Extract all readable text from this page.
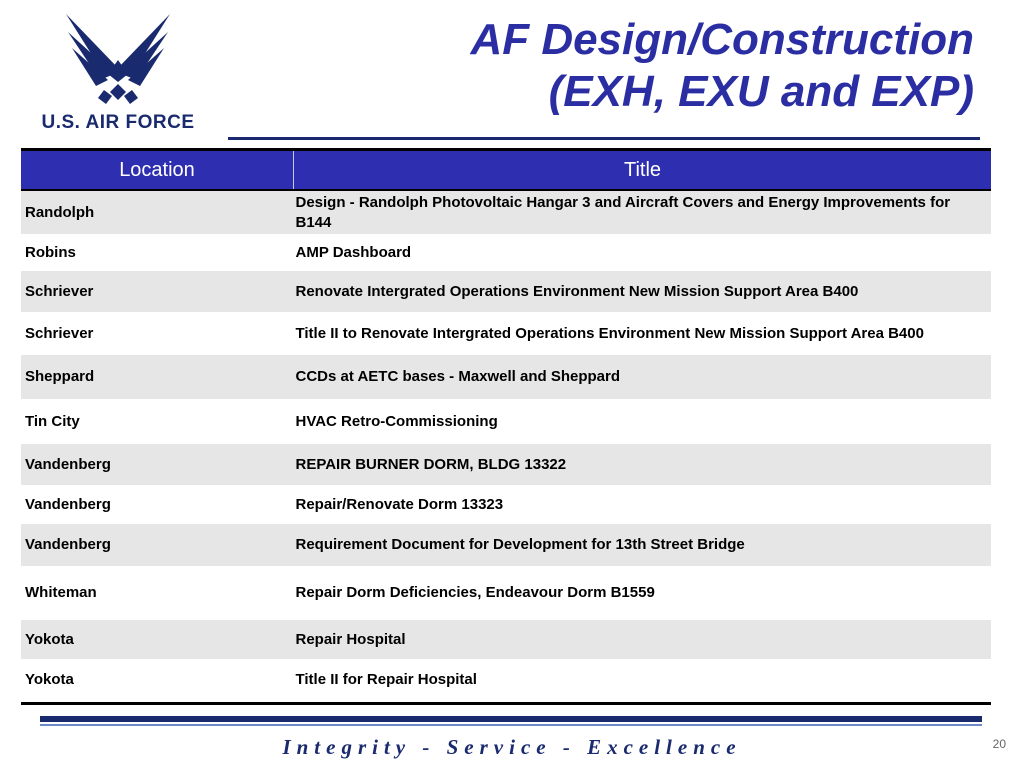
U.S. AIR FORCE
AF Design/Construction
(EXH, EXU and EXP)
Location	Title
Randolph	Design - Randolph Photovoltaic Hangar 3 and Aircraft Covers and Energy Improvements for B144
Robins	AMP Dashboard
Schriever	Renovate Intergrated Operations Environment New Mission Support Area B400
Schriever	Title II to Renovate Intergrated Operations Environment New Mission Support Area B400
Sheppard	CCDs at AETC bases - Maxwell and Sheppard
Tin City	HVAC Retro-Commissioning
Vandenberg	REPAIR BURNER DORM, BLDG 13322
Vandenberg	Repair/Renovate Dorm 13323
Vandenberg	Requirement Document for Development for 13th Street Bridge
Whiteman	Repair Dorm Deficiencies, Endeavour Dorm B1559
Yokota	Repair Hospital
Yokota	Title II for Repair Hospital
Integrity - Service - Excellence	20
